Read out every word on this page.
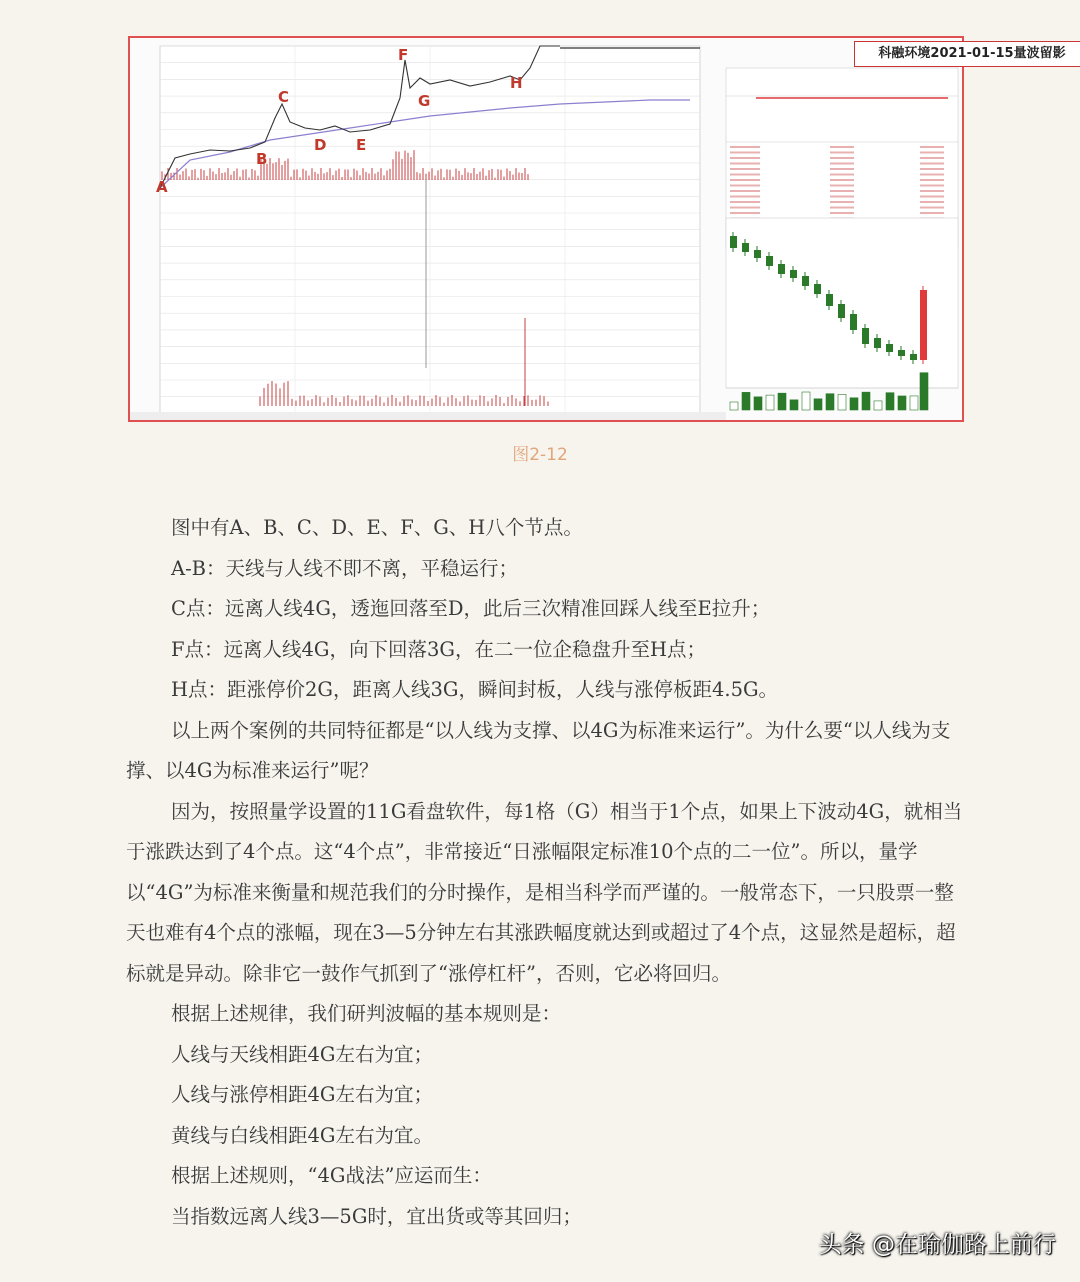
科融环境2021-01-15量波留影
A
B
C
D E
F
G
H
图2-12

图中有A、B、C、D、E、F、G、H八个节点。

A-B：天线与人线不即不离，平稳运行；

C点：远离人线4G，透迤回落至D，此后三次精准回踩人线至E拉升；

F点：远离人线4G，向下回落3G，在二一位企稳盘升至H点；

H点：距涨停价2G，距离人线3G，瞬间封板，人线与涨停板距4.5G。

以上两个案例的共同特征都是“以人线为支撑、以4G为标准来运行”。为什么要“以人线为支撑、以4G为标准来运行”呢？

因为，按照量学设置的11G看盘软件，每1格（G）相当于1个点，如果上下波动4G，就相当于涨跌达到了4个点。这“4个点”，非常接近“日涨幅限定标准10个点的二一位”。所以，量学以“4G”为标准来衡量和规范我们的分时操作，是相当科学而严谨的。一般常态下，一只股票一整天也难有4个点的涨幅，现在3—5分钟左右其涨跌幅度就达到或超过了4个点，这显然是超标，超标就是异动。除非它一鼓作气抓到了“涨停杠杆”，否则，它必将回归。

根据上述规律，我们研判波幅的基本规则是：

人线与天线相距4G左右为宜；

人线与涨停相距4G左右为宜；

黄线与白线相距4G左右为宜。

根据上述规则，“4G战法”应运而生：

当指数远离人线3—5G时，宜出货或等其回归；

头条 @在瑜伽路上前行
